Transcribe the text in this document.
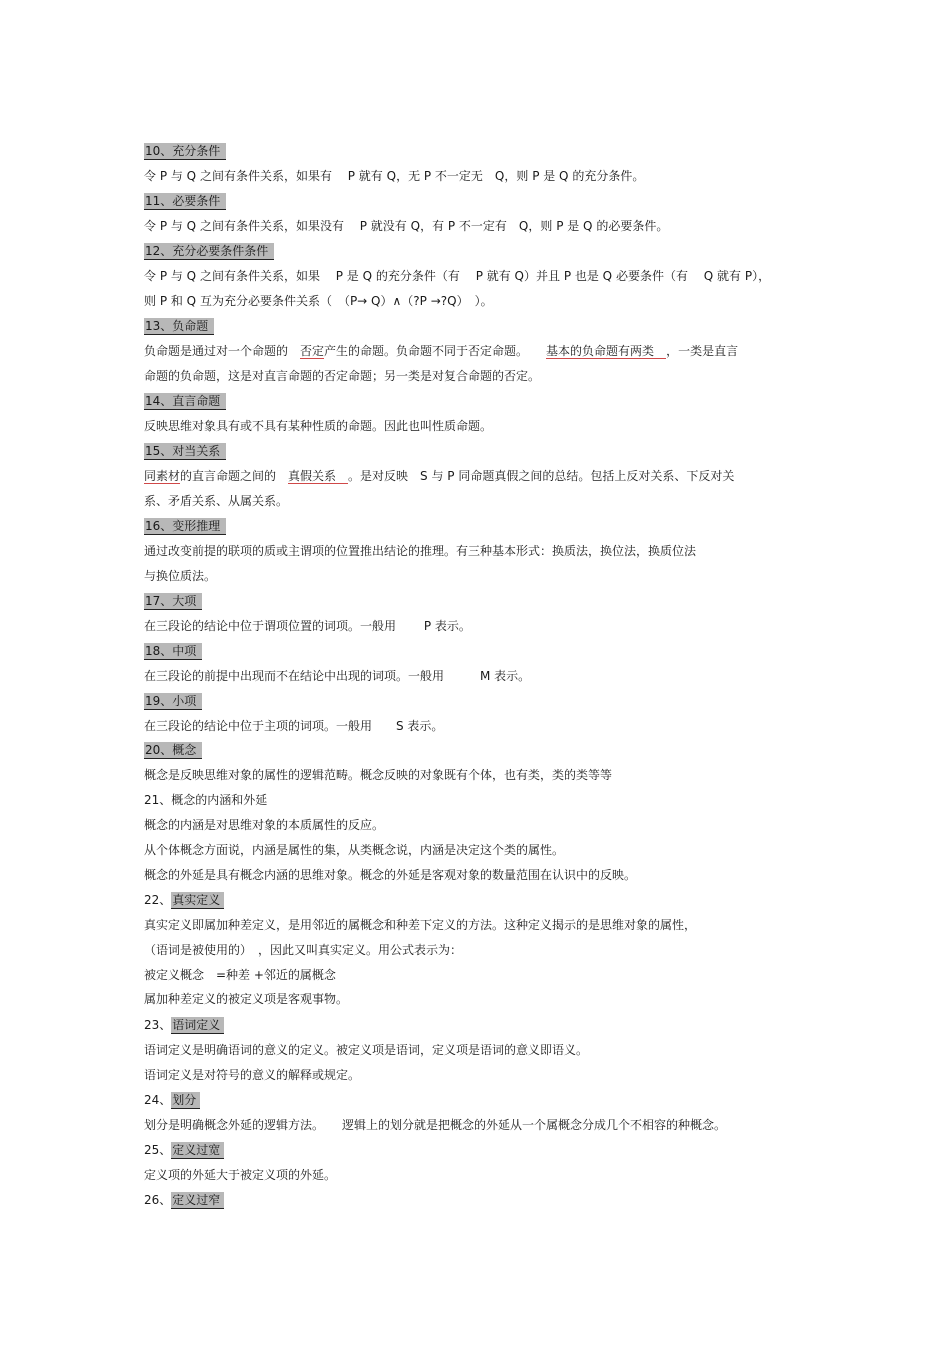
10、充分条件
令 P 与 Q 之间有条件关系，如果有　 P 就有 Q，无 P 不一定无　Q，则 P 是 Q 的充分条件。
11、必要条件
令 P 与 Q 之间有条件关系，如果没有　 P 就没有 Q，有 P 不一定有　Q，则 P 是 Q 的必要条件。
12、充分必要条件条件
令 P 与 Q 之间有条件关系，如果　 P 是 Q 的充分条件（有　 P 就有 Q）并且 P 也是 Q 必要条件（有　 Q 就有 P），
则 P 和 Q 互为充分必要条件关系（　（P→ Q）∧（?P →?Q）　）。
13、负命题
负命题是通过对一个命题的　否定产生的命题。负命题不同于否定命题。　　基本的负命题有两类　，一类是直言
命题的负命题，这是对直言命题的否定命题；另一类是对复合命题的否定。
14、直言命题
反映思维对象具有或不具有某种性质的命题。因此也叫性质命题。
15、对当关系
同素材的直言命题之间的　真假关系　。是对反映　S 与 P 同命题真假之间的总结。包括上反对关系、下反对关
系、矛盾关系、从属关系。
16、变形推理
通过改变前提的联项的质或主谓项的位置推出结论的推理。有三种基本形式：换质法，换位法，换质位法
与换位质法。
17、大项
在三段论的结论中位于谓项位置的词项。一般用　　 P 表示。
18、中项
在三段论的前提中出现而不在结论中出现的词项。一般用　　　M 表示。
19、小项
在三段论的结论中位于主项的词项。一般用　　S 表示。
20、概念
概念是反映思维对象的属性的逻辑范畴。概念反映的对象既有个体，也有类，类的类等等
21、概念的内涵和外延
概念的内涵是对思维对象的本质属性的反应。
从个体概念方面说，内涵是属性的集，从类概念说，内涵是决定这个类的属性。
概念的外延是具有概念内涵的思维对象。概念的外延是客观对象的数量范围在认识中的反映。
22、真实定义
真实定义即属加种差定义，是用邻近的属概念和种差下定义的方法。这种定义揭示的是思维对象的属性，
（语词是被使用的）　，因此又叫真实定义。用公式表示为：
被定义概念　=种差 +邻近的属概念
属加种差定义的被定义项是客观事物。
23、语词定义
语词定义是明确语词的意义的定义。被定义项是语词，定义项是语词的意义即语义。
语词定义是对符号的意义的解释或规定。
24、划分
划分是明确概念外延的逻辑方法。　　逻辑上的划分就是把概念的外延从一个属概念分成几个不相容的种概念。
25、定义过宽
定义项的外延大于被定义项的外延。
26、定义过窄
